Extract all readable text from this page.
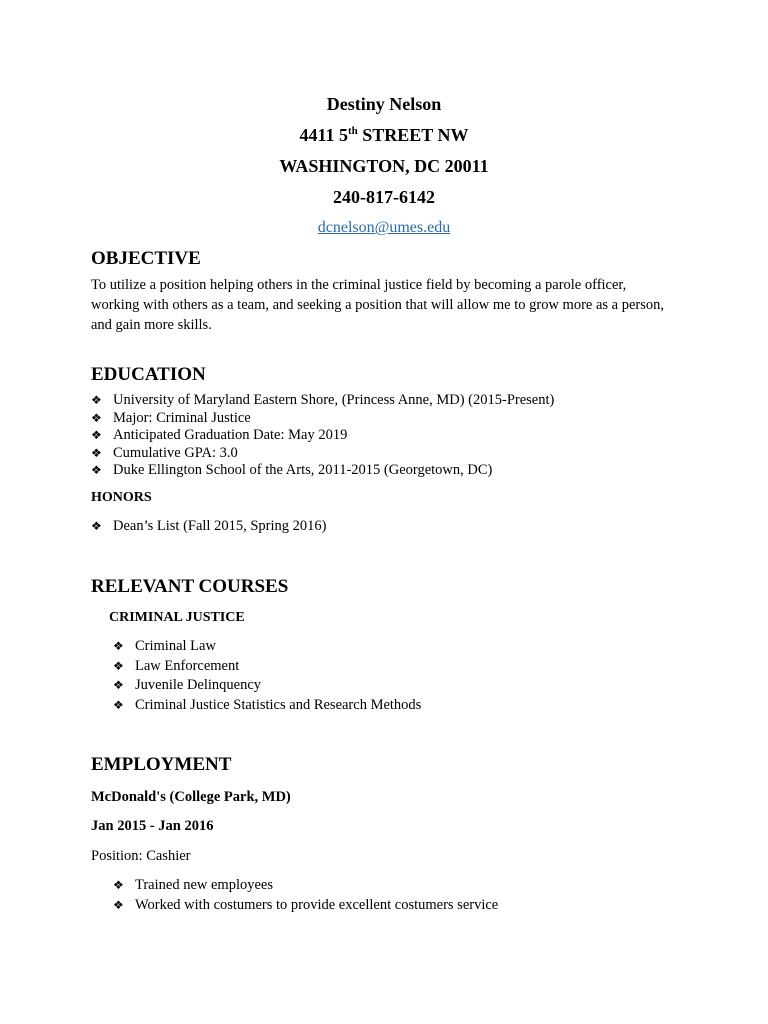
Destiny Nelson

4411 5th STREET NW

WASHINGTON, DC 20011

240-817-6142

dcnelson@umes.edu

OBJECTIVE

To utilize a position helping others in the criminal justice field by becoming a parole officer, working with others as a team, and seeking a position that will allow me to grow more as a person, and gain more skills.

EDUCATION

❖ University of Maryland Eastern Shore, (Princess Anne, MD) (2015-Present)
❖ Major: Criminal Justice
❖ Anticipated Graduation Date: May 2019
❖ Cumulative GPA: 3.0
❖ Duke Ellington School of the Arts, 2011-2015 (Georgetown, DC)

HONORS

❖ Dean’s List (Fall 2015, Spring 2016)

RELEVANT COURSES

CRIMINAL JUSTICE

❖ Criminal Law
❖ Law Enforcement
❖ Juvenile Delinquency
❖ Criminal Justice Statistics and Research Methods

EMPLOYMENT

McDonald's (College Park, MD)

Jan 2015 - Jan 2016

Position: Cashier

❖ Trained new employees
❖ Worked with costumers to provide excellent costumers service
